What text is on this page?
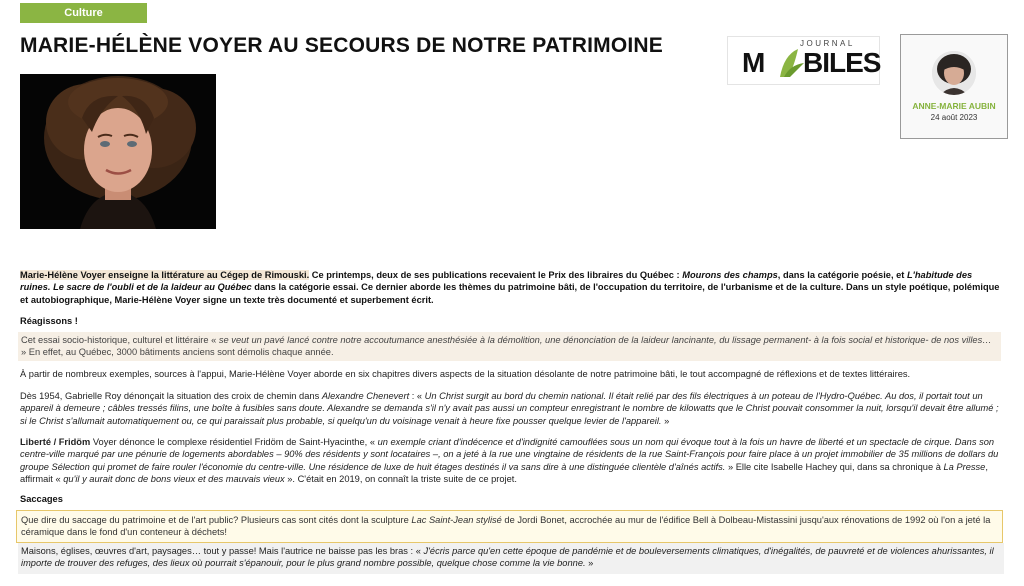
Culture
MARIE-HÉLÈNE VOYER AU SECOURS DE NOTRE PATRIMOINE	JOURNAL
M BILES
ANNE-MARIE AUBIN
24 août 2023
Marie-Hélène Voyer enseigne la littérature au Cégep de Rimouski. Ce printemps, deux de ses publications recevaient le Prix des libraires du Québec : Mourons des champs, dans la catégorie poésie, et L'habitude des ruines. Le sacre de l'oubli et de la laideur au Québec dans la catégorie essai. Ce dernier aborde les thèmes du patrimoine bâti, de l'occupation du territoire, de l'urbanisme et de la culture. Dans un style poétique, polémique et autobiographique, Marie-Hélène Voyer signe un texte très documenté et superbement écrit.
Réagissons !
Cet essai socio-historique, culturel et littéraire « se veut un pavé lancé contre notre accoutumance anesthésiée à la démolition, une dénonciation de la laideur lancinante, du lissage permanent- à la fois social et historique- de nos villes… » En effet, au Québec, 3000 bâtiments anciens sont démolis chaque année.
À partir de nombreux exemples, sources à l'appui, Marie-Hélène Voyer aborde en six chapitres divers aspects de la situation désolante de notre patrimoine bâti, le tout accompagné de réflexions et de textes littéraires.
Dès 1954, Gabrielle Roy dénonçait la situation des croix de chemin dans Alexandre Chenevert : « Un Christ surgit au bord du chemin national. Il était relié par des fils électriques à un poteau de l'Hydro-Québec. Au dos, il portait tout un appareil à demeure ; câbles tressés filins, une boîte à fusibles sans doute. Alexandre se demanda s'il n'y avait pas aussi un compteur enregistrant le nombre de kilowatts que le Christ pouvait consommer la nuit, lorsqu'il devait être allumé ; si le Christ s'allumait automatiquement ou, ce qui paraissait plus probable, si quelqu'un du voisinage venait à heure fixe pousser quelque levier de l'appareil. »
Liberté / Fridöm Voyer dénonce le complexe résidentiel Fridöm de Saint-Hyacinthe, « un exemple criant d'indécence et d'indignité camouflées sous un nom qui évoque tout à la fois un havre de liberté et un spectacle de cirque. Dans son centre-ville marqué par une pénurie de logements abordables – 90% des résidents y sont locataires –, on a jeté à la rue une vingtaine de résidents de la rue Saint-François pour faire place à un projet immobilier de 35 millions de dollars du groupe Sélection qui promet de faire rouler l'économie du centre-ville. Une résidence de luxe de huit étages destinés il va sans dire à une distinguée clientèle d'aînés actifs. » Elle cite Isabelle Hachey qui, dans sa chronique à La Presse, affirmait « qu'il y aurait donc de bons vieux et des mauvais vieux ». C'était en 2019, on connaît la triste suite de ce projet.
Saccages
Que dire du saccage du patrimoine et de l'art public? Plusieurs cas sont cités dont la sculpture Lac Saint-Jean stylisé de Jordi Bonet, accrochée au mur de l'édifice Bell à Dolbeau-Mistassini jusqu'aux rénovations de 1992 où l'on a jeté la céramique dans le fond d'un conteneur à déchets!
Maisons, églises, œuvres d'art, paysages… tout y passe! Mais l'autrice ne baisse pas les bras : « J'écris parce qu'en cette époque de pandémie et de bouleversements climatiques, d'inégalités, de pauvreté et de violences ahurissantes, il importe de trouver des refuges, des lieux où pourrait s'épanouir, pour le plus grand nombre possible, quelque chose comme la vie bonne. »
